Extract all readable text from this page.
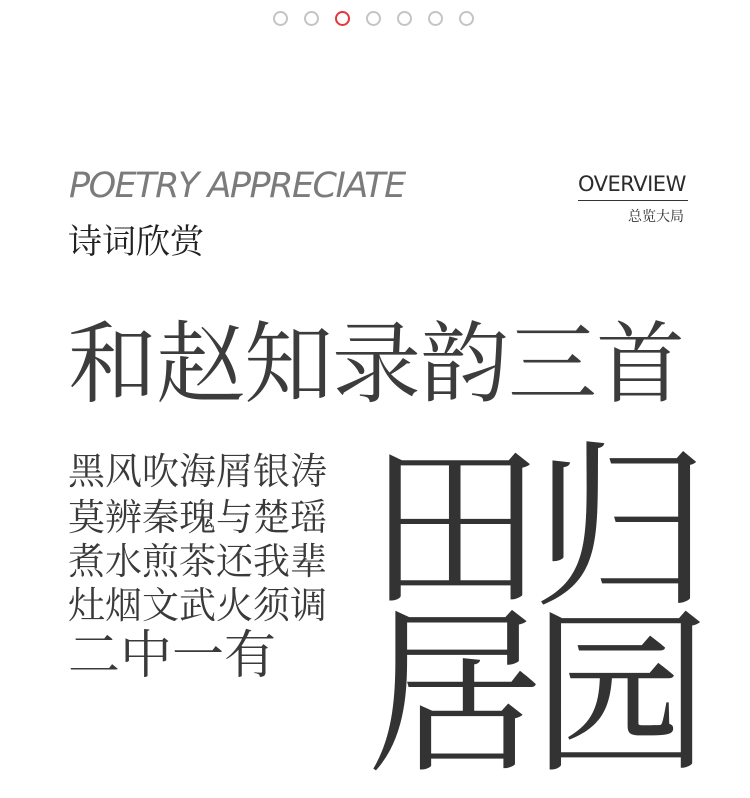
POETRY APPRECIATE
诗词欣赏
OVERVIEW
总览大局
和赵知录韵三首
黑风吹海屑银涛
莫辨秦瑰与楚瑶
煮水煎茶还我辈
灶烟文武火须调
二中一有
田
归
居
园
